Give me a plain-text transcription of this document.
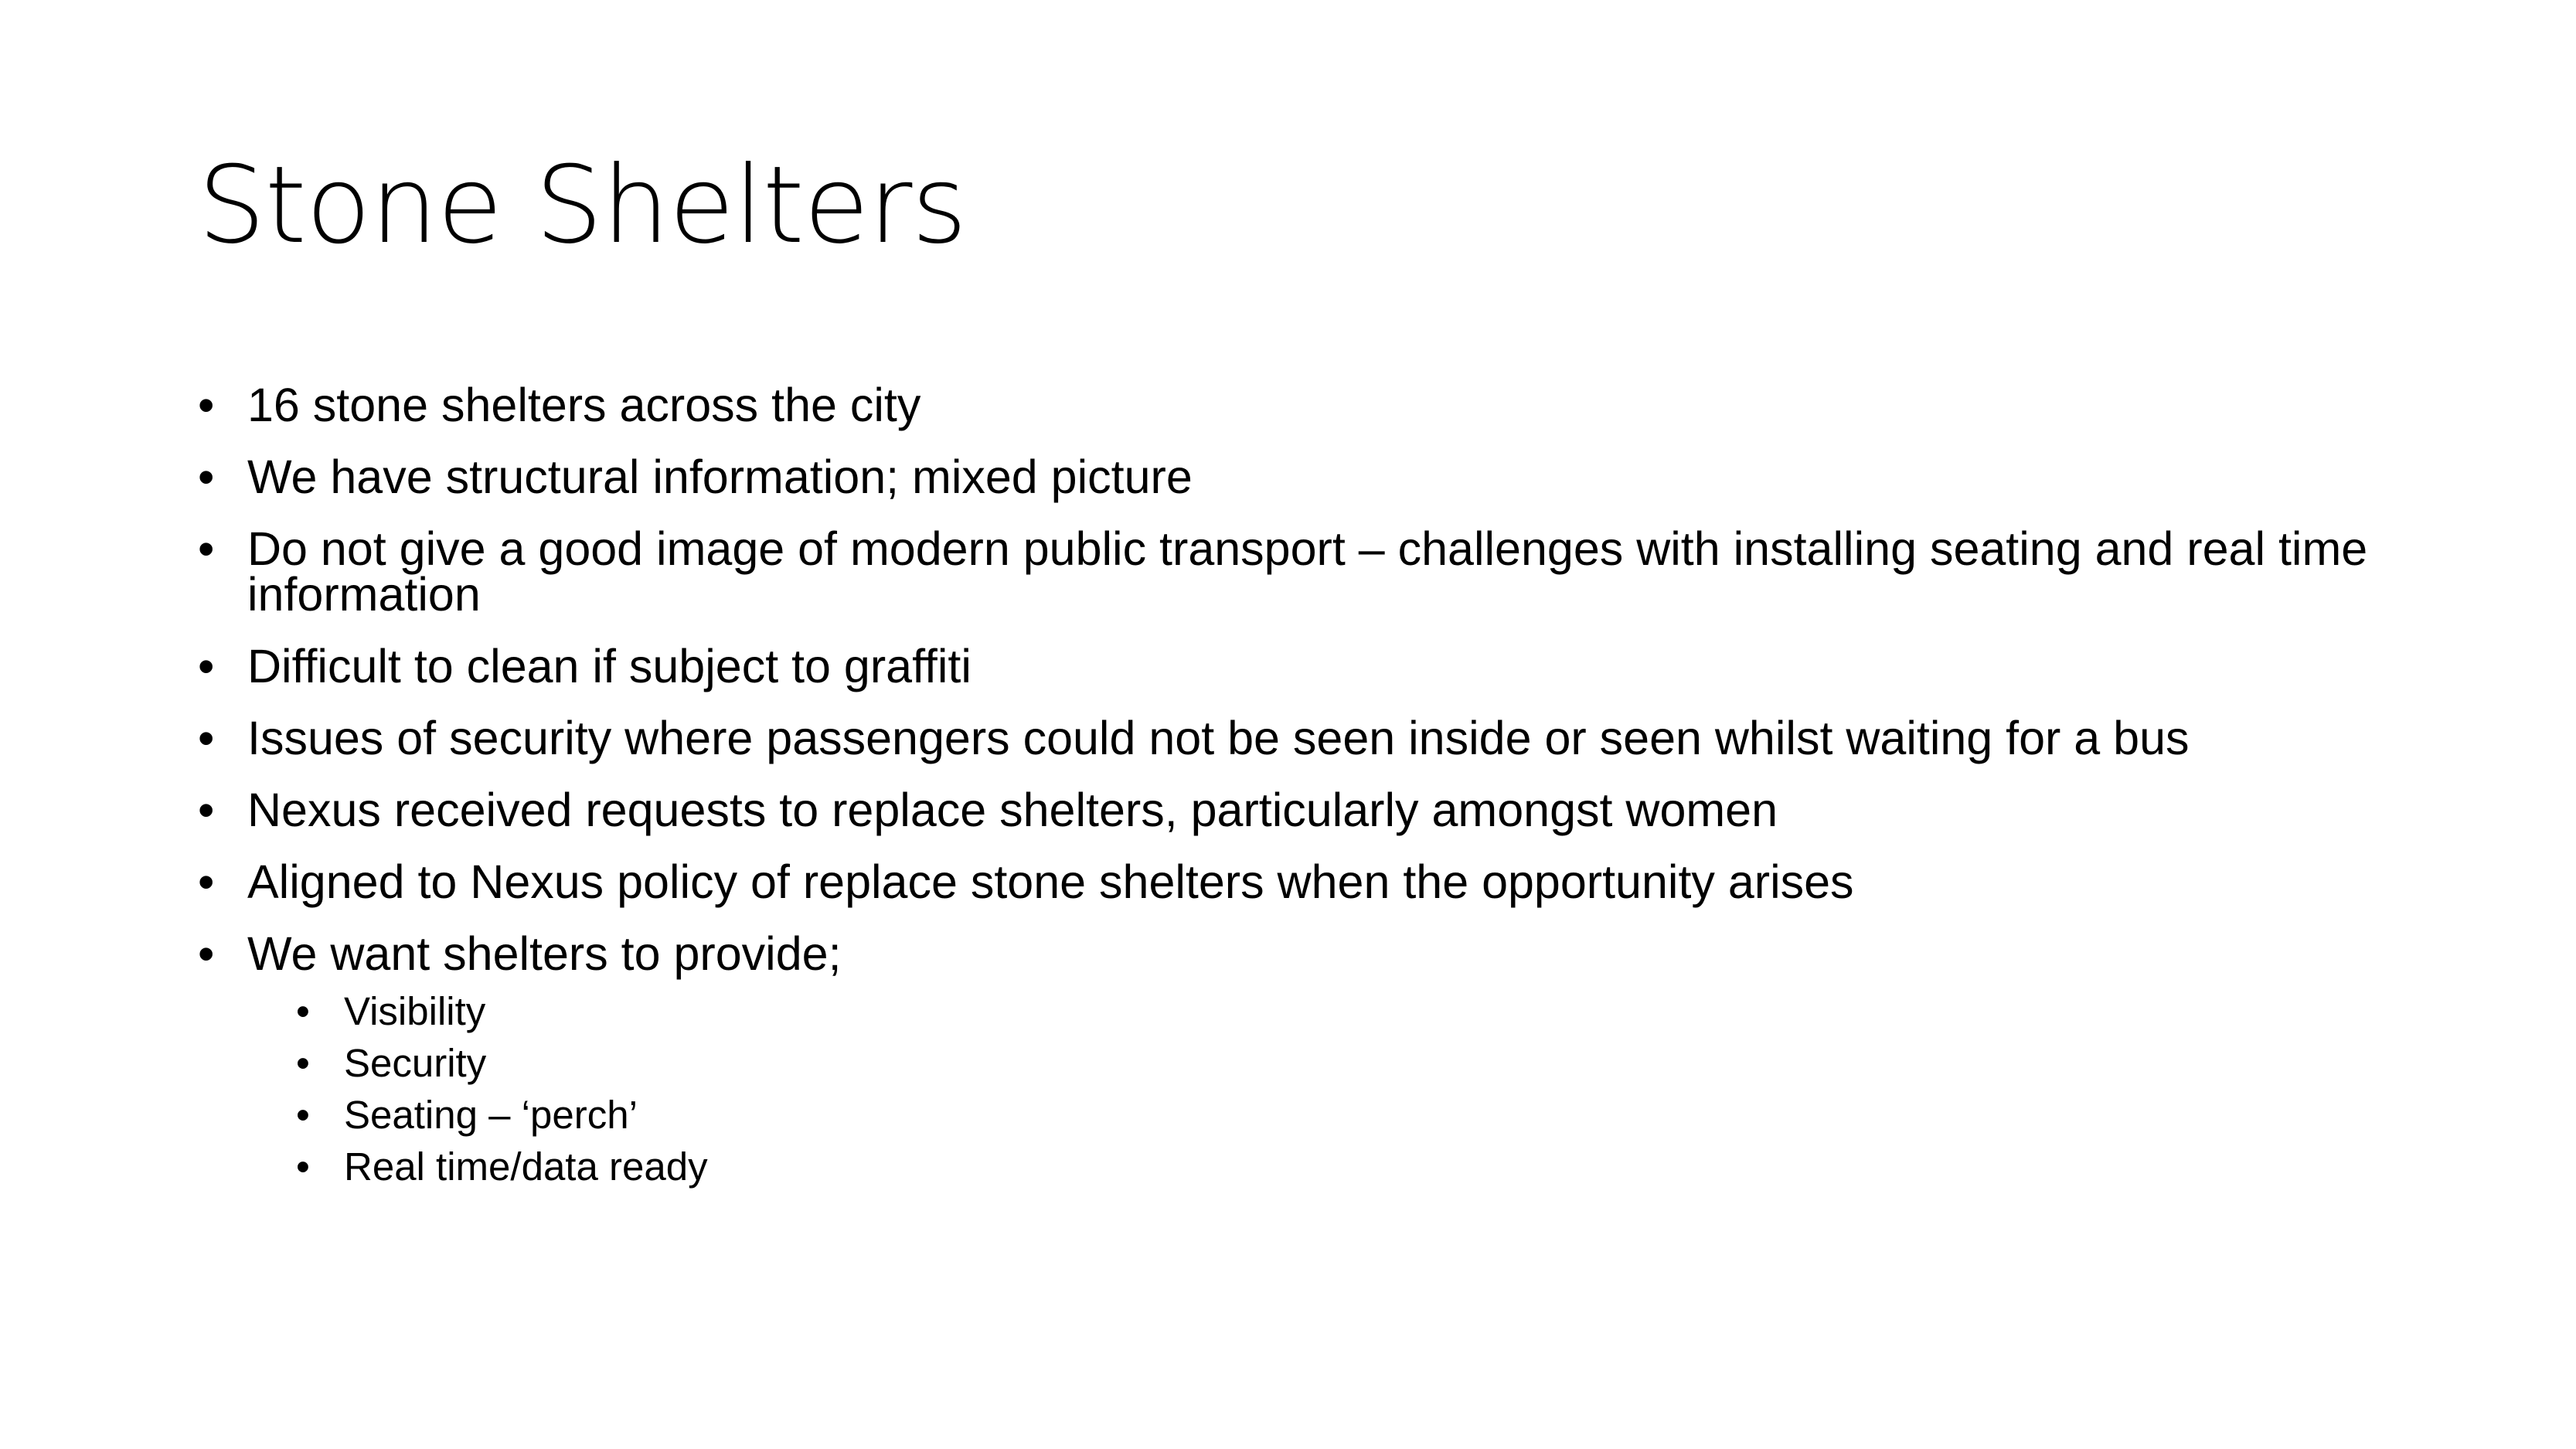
Stone Shelters
• 16 stone shelters across the city
• We have structural information; mixed picture
• Do not give a good image of modern public transport – challenges with installing seating and real time information
• Difficult to clean if subject to graffiti
• Issues of security where passengers could not be seen inside or seen whilst waiting for a bus
• Nexus received requests to replace shelters, particularly amongst women
• Aligned to Nexus policy of replace stone shelters when the opportunity arises
• We want shelters to provide;
• Visibility
• Security
• Seating – ‘perch’
• Real time/data ready
